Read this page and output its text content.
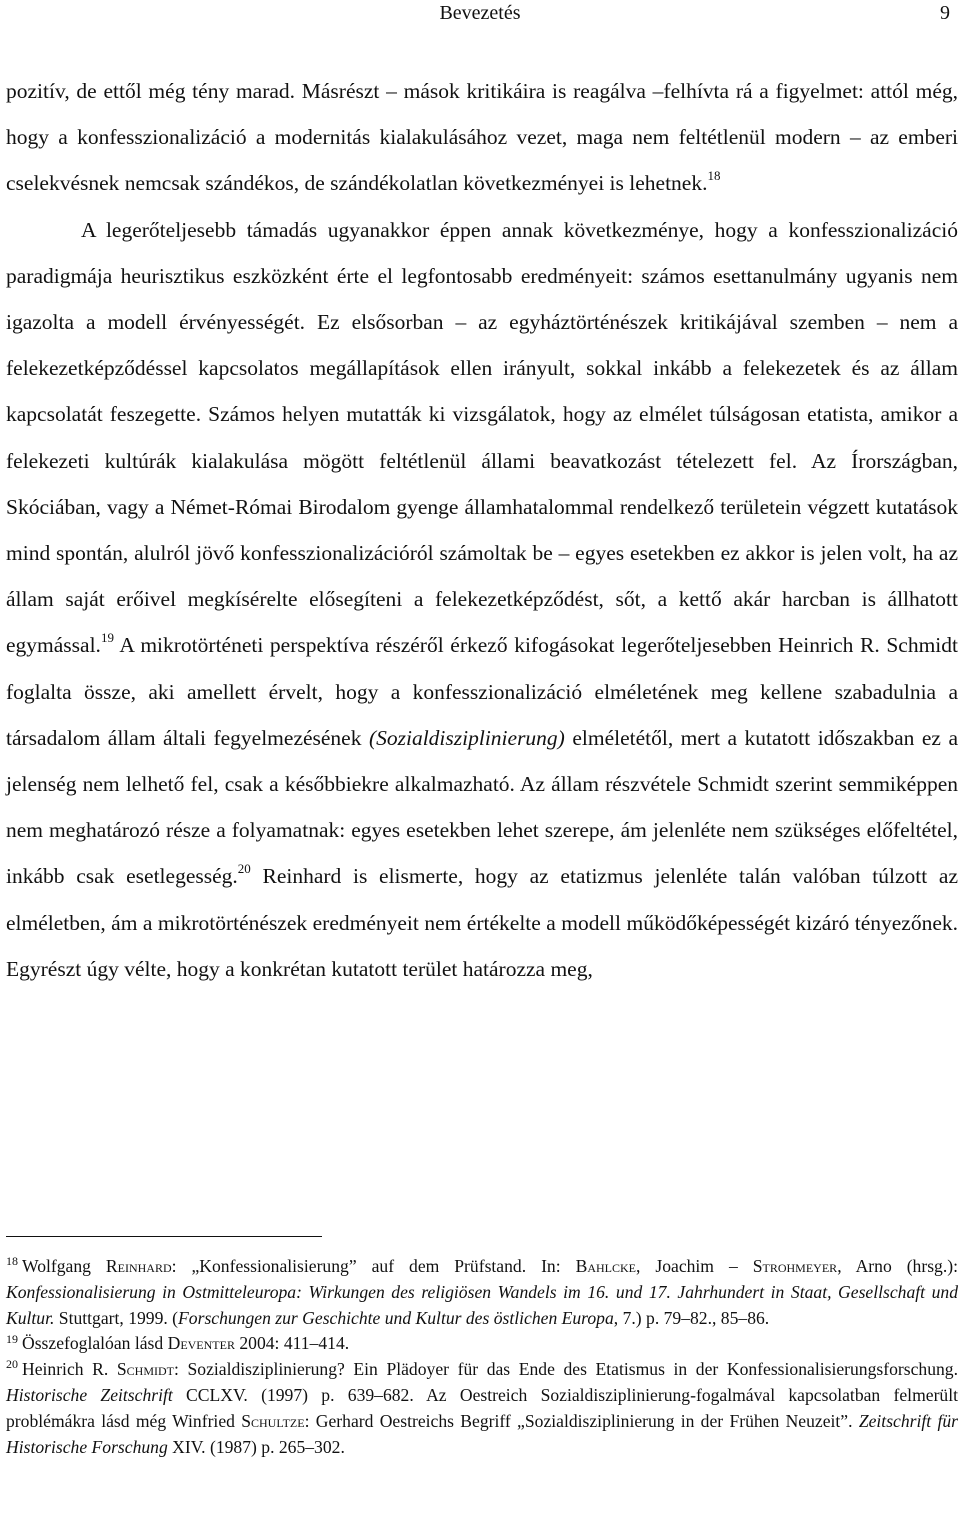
Bevezetés	9

pozitív, de ettől még tény marad. Másrészt – mások kritikáira is reagálva –felhívta rá a figyelmet: attól még, hogy a konfesszionalizáció a modernitás kialakulásához vezet, maga nem feltétlenül modern – az emberi cselekvésnek nemcsak szándékos, de szándékolatlan következményei is lehetnek.$^{18}$

A legerőteljesebb támadás ugyanakkor éppen annak következménye, hogy a konfesszionalizáció paradigmája heurisztikus eszközként érte el legfontosabb eredményeit: számos esettanulmány ugyanis nem igazolta a modell érvényességét. Ez elsősorban – az egyháztörténészek kritikájával szemben – nem a felekezetképződéssel kapcsolatos megállapítások ellen irányult, sokkal inkább a felekezetek és az állam kapcsolatát feszegette. Számos helyen mutatták ki vizsgálatok, hogy az elmélet túlságosan etatista, amikor a felekezeti kultúrák kialakulása mögött feltétlenül állami beavatkozást tételezett fel. Az Írországban, Skóciában, vagy a Német-Római Birodalom gyenge államhatalommal rendelkező területein végzett kutatások mind spontán, alulról jövő konfesszionalizációról számoltak be – egyes esetekben ez akkor is jelen volt, ha az állam saját erőivel megkísérelte elősegíteni a felekezetképződést, sőt, a kettő akár harcban is állhatott egymással.$^{19}$ A mikrotörténeti perspektíva részéről érkező kifogásokat legerőteljesebben Heinrich R. Schmidt foglalta össze, aki amellett érvelt, hogy a konfesszionalizáció elméletének meg kellene szabadulnia a társadalom állam általi fegyelmezésének (Sozialdisziplinierung) elméletétől, mert a kutatott időszakban ez a jelenség nem lelhető fel, csak a későbbiekre alkalmazható. Az állam részvétele Schmidt szerint semmiképpen nem meghatározó része a folyamatnak: egyes esetekben lehet szerepe, ám jelenléte nem szükséges előfeltétel, inkább csak esetlegesség.$^{20}$ Reinhard is elismerte, hogy az etatizmus jelenléte talán valóban túlzott az elméletben, ám a mikrotörténészek eredményeit nem értékelte a modell működőképességét kizáró tényezőnek. Egyrészt úgy vélte, hogy a konkrétan kutatott terület határozza meg,

$^{18}$ Wolfgang Reinhard: „Konfessionalisierung” auf dem Prüfstand. In: Bahlcke, Joachim – Strohmeyer, Arno (hrsg.): Konfessionalisierung in Ostmitteleuropa: Wirkungen des religiösen Wandels im 16. und 17. Jahrhundert in Staat, Gesellschaft und Kultur. Stuttgart, 1999. (Forschungen zur Geschichte und Kultur des östlichen Europa, 7.) p. 79–82., 85–86.

$^{19}$ Összefoglalóan lásd Deventer 2004: 411–414.

$^{20}$ Heinrich R. Schmidt: Sozialdisziplinierung? Ein Plädoyer für das Ende des Etatismus in der Konfessionalisierungsforschung. Historische Zeitschrift CCLXV. (1997) p. 639–682. Az Oestreich Sozialdisziplinierung-fogalmával kapcsolatban felmerült problémákra lásd még Winfried Schultze: Gerhard Oestreichs Begriff „Sozialdisziplinierung in der Frühen Neuzeit”. Zeitschrift für Historische Forschung XIV. (1987) p. 265–302.
